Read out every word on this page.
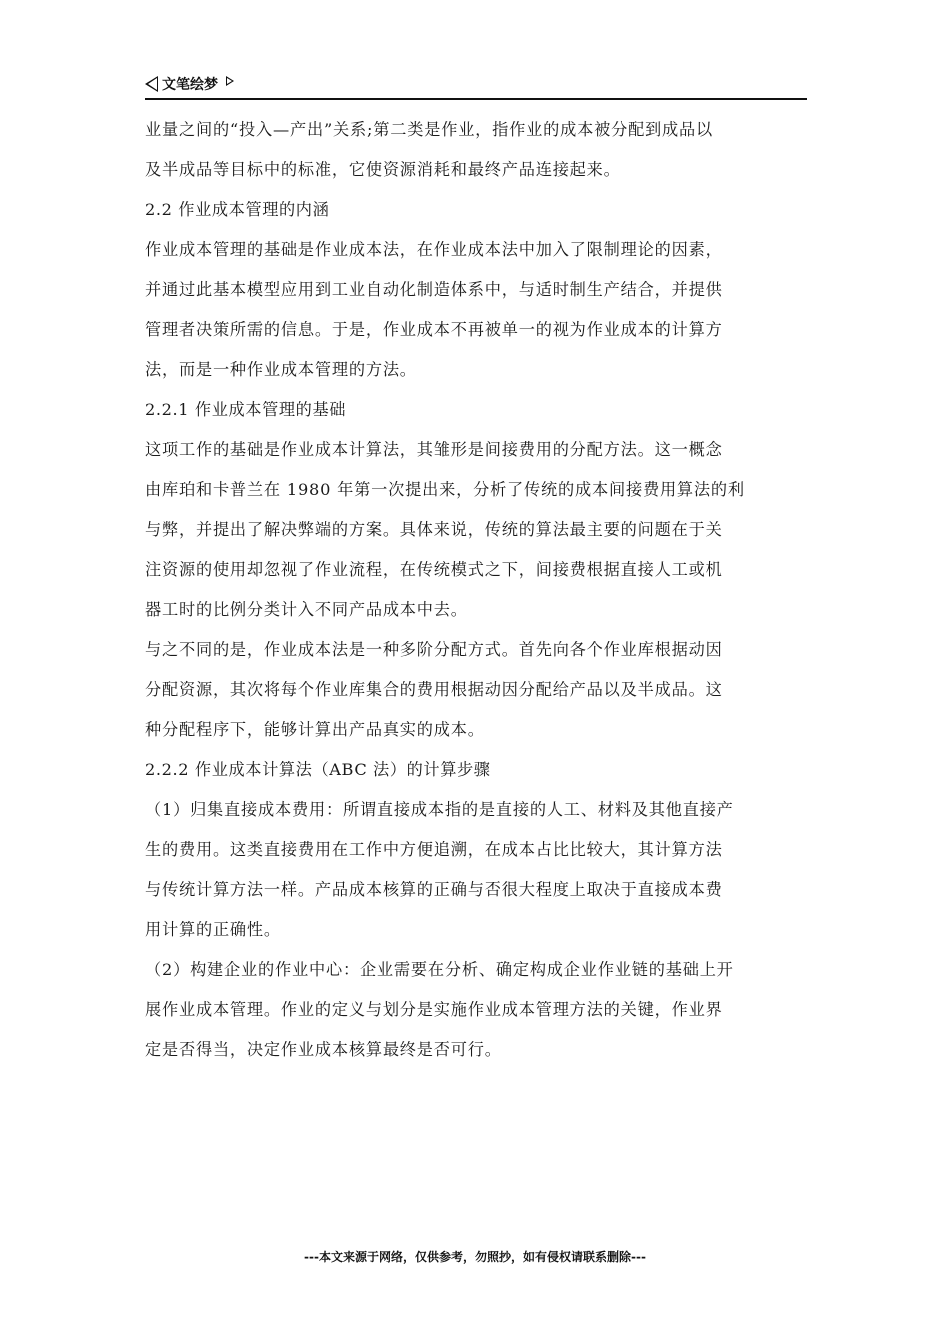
文笔绘梦
业量之间的“投入—产出”关系;第二类是作业，指作业的成本被分配到成品以
及半成品等目标中的标准，它使资源消耗和最终产品连接起来。
2.2 作业成本管理的内涵
作业成本管理的基础是作业成本法，在作业成本法中加入了限制理论的因素，
并通过此基本模型应用到工业自动化制造体系中，与适时制生产结合，并提供
管理者决策所需的信息。于是，作业成本不再被单一的视为作业成本的计算方
法，而是一种作业成本管理的方法。
2.2.1 作业成本管理的基础
这项工作的基础是作业成本计算法，其雏形是间接费用的分配方法。这一概念
由库珀和卡普兰在 1980 年第一次提出来，分析了传统的成本间接费用算法的利
与弊，并提出了解决弊端的方案。具体来说，传统的算法最主要的问题在于关
注资源的使用却忽视了作业流程，在传统模式之下，间接费根据直接人工或机
器工时的比例分类计入不同产品成本中去。
与之不同的是，作业成本法是一种多阶分配方式。首先向各个作业库根据动因
分配资源，其次将每个作业库集合的费用根据动因分配给产品以及半成品。这
种分配程序下，能够计算出产品真实的成本。
2.2.2 作业成本计算法（ABC 法）的计算步骤
（1）归集直接成本费用：所谓直接成本指的是直接的人工、材料及其他直接产
生的费用。这类直接费用在工作中方便追溯，在成本占比比较大，其计算方法
与传统计算方法一样。产品成本核算的正确与否很大程度上取决于直接成本费
用计算的正确性。
（2）构建企业的作业中心：企业需要在分析、确定构成企业作业链的基础上开
展作业成本管理。作业的定义与划分是实施作业成本管理方法的关键，作业界
定是否得当，决定作业成本核算最终是否可行。
---本文来源于网络，仅供参考，勿照抄，如有侵权请联系删除---
